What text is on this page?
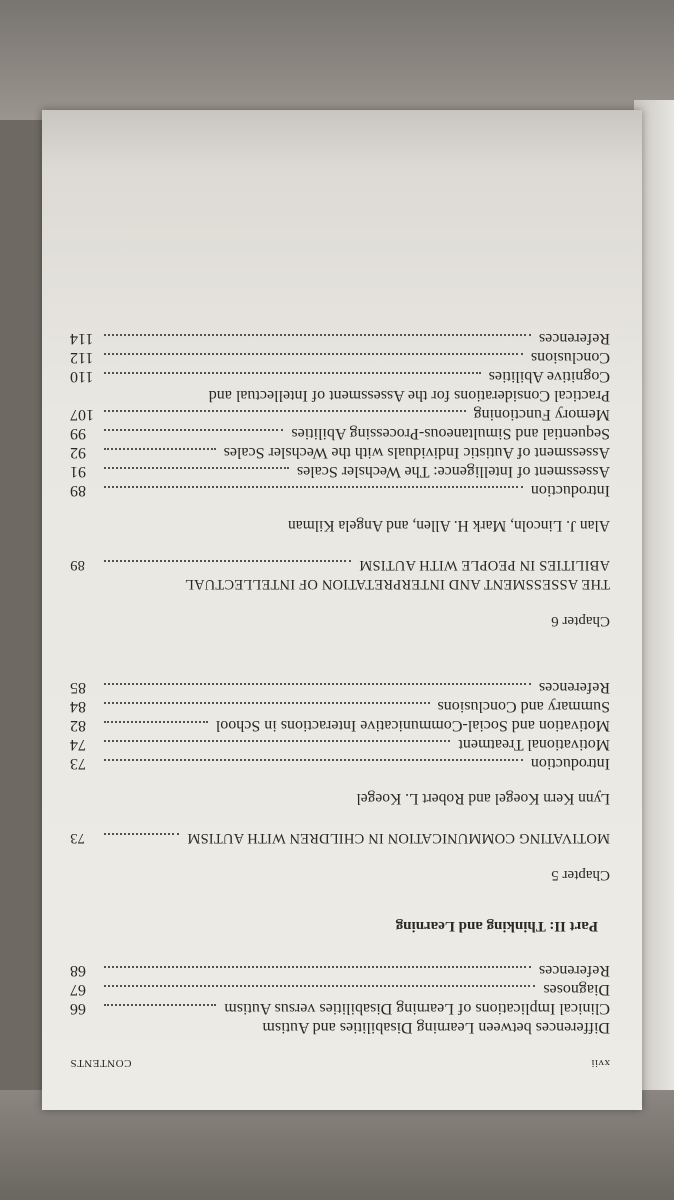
xvii
CONTENTS
Differences between Learning Disabilities and Autism
Clinical Implications of Learning Disabilities versus Autism
66
Diagnoses
67
References
68
Part II: Thinking and Learning
Chapter 5
MOTIVATING COMMUNICATION IN CHILDREN WITH AUTISM
73
Lynn Kern Koegel and Robert L. Koegel
Introduction
73
Motivational Treatment
74
Motivation and Social-Communicative Interactions in School
82
Summary and Conclusions
84
References
85
Chapter 6
THE ASSESSMENT AND INTERPRETATION OF INTELLECTUAL
ABILITIES IN PEOPLE WITH AUTISM
89
Alan J. Lincoln, Mark H. Allen, and Angela Kilman
Introduction
89
Assessment of Intelligence: The Wechsler Scales
91
Assessment of Autistic Individuals with the Wechsler Scales
92
Sequential and Simultaneous-Processing Abilities
99
Memory Functioning
107
Practical Considerations for the Assessment of Intellectual and
Cognitive Abilities
110
Conclusions
112
References
114
